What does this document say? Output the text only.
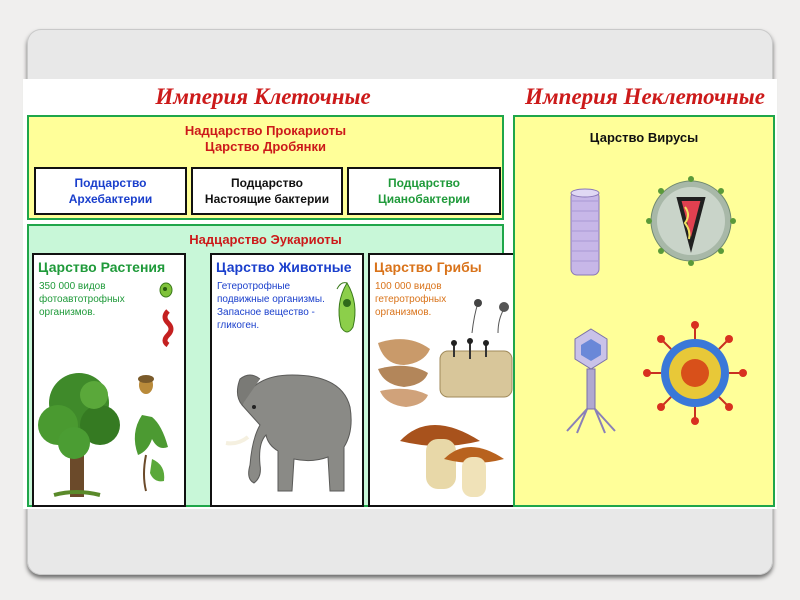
Империя Клеточные	Империя Неклеточные
Надцарство Прокариоты
Царство Дробянки
Подцарство
Архебактерии
Подцарство
Настоящие бактерии
Подцарство
Цианобактерии
Надцарство Эукариоты
Царство Растения
350 000 видов фотоавтотрофных организмов.
Царство Животные
Гетеротрофные подвижные организмы. Запасное вещество - гликоген.
Царство Грибы
100 000 видов гетеротрофных организмов.
Царство Вирусы
